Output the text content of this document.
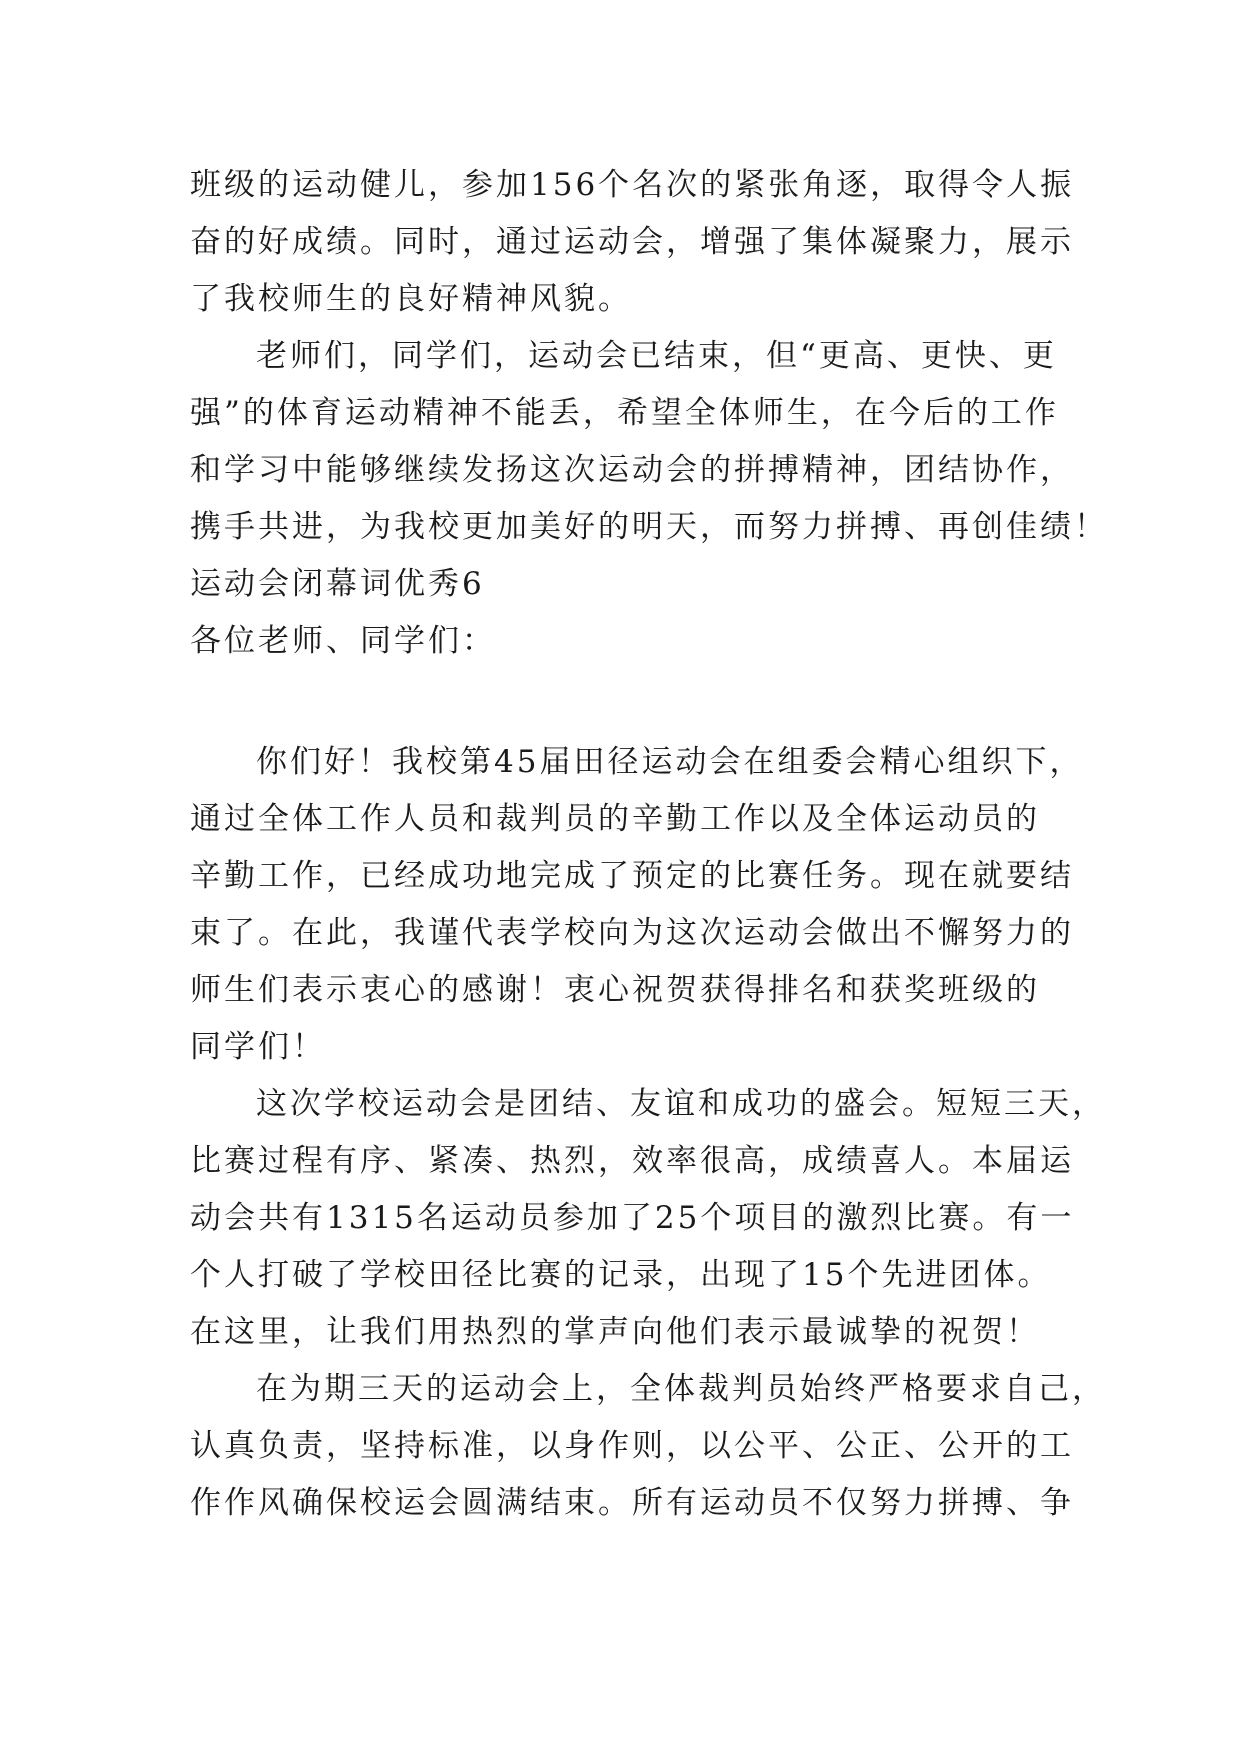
班级的运动健儿，参加156个名次的紧张角逐，取得令人振
奋的好成绩。同时，通过运动会，增强了集体凝聚力，展示
了我校师生的良好精神风貌。
老师们，同学们，运动会已结束，但“更高、更快、更
强”的体育运动精神不能丢，希望全体师生，在今后的工作
和学习中能够继续发扬这次运动会的拼搏精神，团结协作，
携手共进，为我校更加美好的明天，而努力拼搏、再创佳绩！
运动会闭幕词优秀6
各位老师、同学们：
你们好！我校第45届田径运动会在组委会精心组织下，
通过全体工作人员和裁判员的辛勤工作以及全体运动员的
辛勤工作，已经成功地完成了预定的比赛任务。现在就要结
束了。在此，我谨代表学校向为这次运动会做出不懈努力的
师生们表示衷心的感谢！衷心祝贺获得排名和获奖班级的
同学们！
这次学校运动会是团结、友谊和成功的盛会。短短三天，
比赛过程有序、紧凑、热烈，效率很高，成绩喜人。本届运
动会共有1315名运动员参加了25个项目的激烈比赛。有一
个人打破了学校田径比赛的记录，出现了15个先进团体。
在这里，让我们用热烈的掌声向他们表示最诚挚的祝贺！
在为期三天的运动会上，全体裁判员始终严格要求自己，
认真负责，坚持标准，以身作则，以公平、公正、公开的工
作作风确保校运会圆满结束。所有运动员不仅努力拼搏、争
